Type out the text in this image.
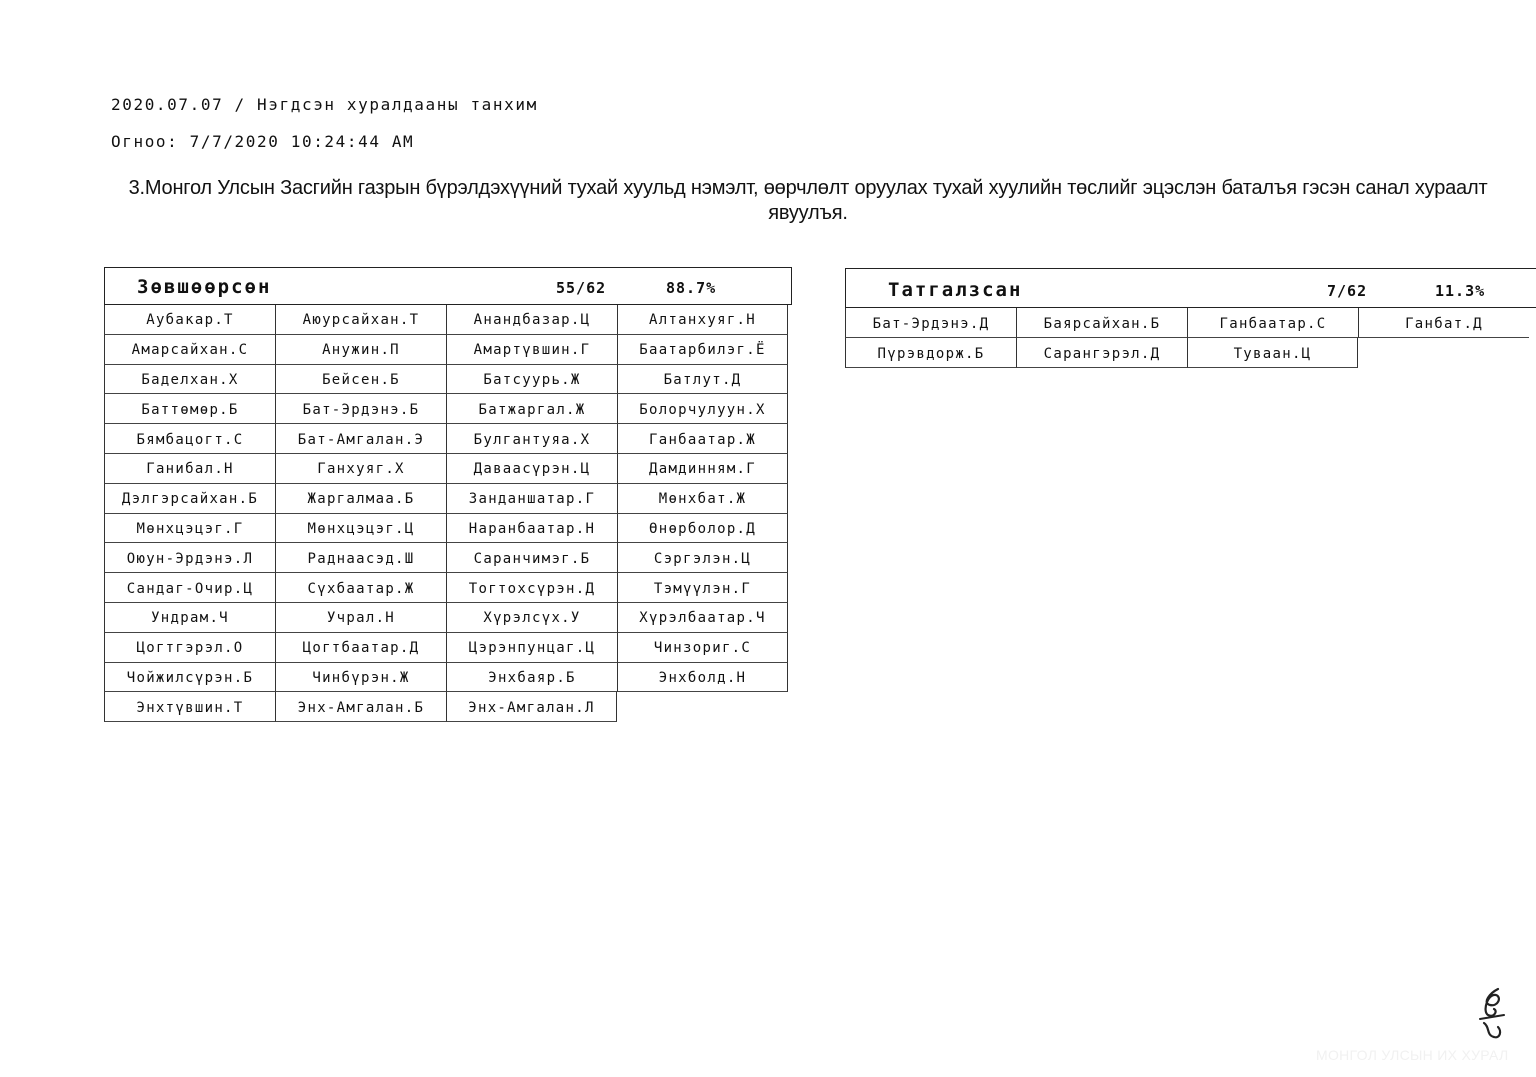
2020.07.07 / Нэгдсэн хуралдааны танхим
Огноо: 7/7/2020 10:24:44 AM
3.Монгол Улсын Засгийн газрын бүрэлдэхүүний тухай хуульд нэмэлт, өөрчлөлт оруулах тухай хуулийн төслийг эцэслэн баталъя гэсэн санал хураалт явуулъя.
Зөвшөөрсөн	55/62	88.7%
Аубакар.Т	Аюурсайхан.Т	Анандбазар.Ц	Алтанхуяг.Н
Амарсайхан.С	Анужин.П	Амартүвшин.Г	Баатарбилэг.Ё
Баделхан.Х	Бейсен.Б	Батсуурь.Ж	Батлут.Д
Баттөмөр.Б	Бат-Эрдэнэ.Б	Батжаргал.Ж	Болорчулуун.Х
Бямбацогт.С	Бат-Амгалан.Э	Булгантуяа.Х	Ганбаатар.Ж
Ганибал.Н	Ганхуяг.Х	Даваасүрэн.Ц	Дамдинням.Г
Дэлгэрсайхан.Б	Жаргалмаа.Б	Занданшатар.Г	Мөнхбат.Ж
Мөнхцэцэг.Г	Мөнхцэцэг.Ц	Наранбаатар.Н	Өнөрболор.Д
Оюун-Эрдэнэ.Л	Раднаасэд.Ш	Саранчимэг.Б	Сэргэлэн.Ц
Сандаг-Очир.Ц	Сүхбаатар.Ж	Тогтохсүрэн.Д	Тэмүүлэн.Г
Ундрам.Ч	Учрал.Н	Хүрэлсүх.У	Хүрэлбаатар.Ч
Цогтгэрэл.О	Цогтбаатар.Д	Цэрэнпунцаг.Ц	Чинзориг.С
Чойжилсүрэн.Б	Чинбүрэн.Ж	Энхбаяр.Б	Энхболд.Н
Энхтүвшин.Т	Энх-Амгалан.Б	Энх-Амгалан.Л
Татгалзсан	7/62	11.3%
Бат-Эрдэнэ.Д	Баярсайхан.Б	Ганбаатар.С	Ганбат.Д
Пүрэвдорж.Б	Сарангэрэл.Д	Туваан.Ц
МОНГОЛ УЛСЫН ИХ ХУРАЛ
